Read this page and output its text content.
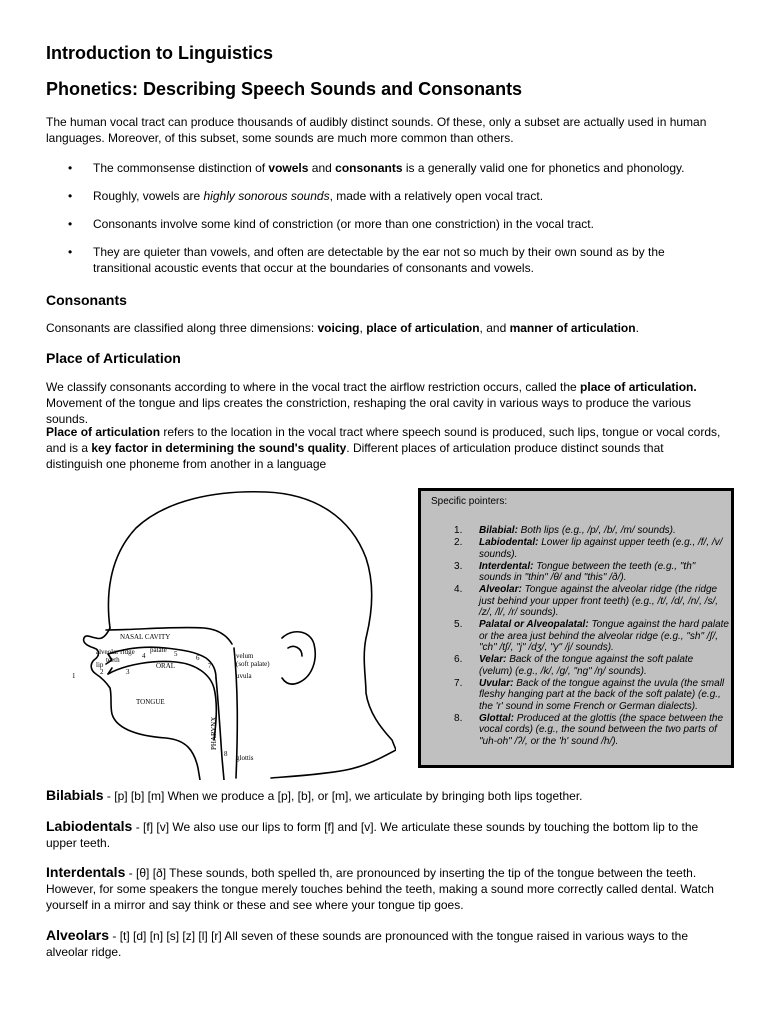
Introduction to Linguistics
Phonetics: Describing Speech Sounds and Consonants

The human vocal tract can produce thousands of audibly distinct sounds. Of these, only a subset are actually used in human languages. Moreover, of this subset, some sounds are much more common than others.

• The commonsense distinction of vowels and consonants is a generally valid one for phonetics and phonology.
• Roughly, vowels are highly sonorous sounds, made with a relatively open vocal tract.
• Consonants involve some kind of constriction (or more than one constriction) in the vocal tract.
• They are quieter than vowels, and often are detectable by the ear not so much by their own sound as by the transitional acoustic events that occur at the boundaries of consonants and vowels.
Consonants

Consonants are classified along three dimensions: voicing, place of articulation, and manner of articulation.

Place of Articulation

We classify consonants according to where in the vocal tract the airflow restriction occurs, called the place of articulation. Movement of the tongue and lips creates the constriction, reshaping the oral cavity in various ways to produce the various sounds.

Place of articulation refers to the location in the vocal tract where speech sound is produced, such lips, tongue or vocal cords, and is a key factor in determining the sound's quality. Different places of articulation produce distinct sounds that distinguish one phoneme from another in a language

NASAL CAVITY
alveolar ridge palate
teeth
lip	ORAL
velum
(soft palate)
uvula
TONGUE
PHARYNX
glottis
1	2	3
4	5	6
7
8
Specific pointers:
Bilabial: Both lips (e.g., /p/, /b/, /m/ sounds).
Labiodental: Lower lip against upper teeth (e.g., /f/, /v/ sounds).
Interdental: Tongue between the teeth (e.g., "th" sounds in "thin" /θ/ and "this" /ð/).
Alveolar: Tongue against the alveolar ridge (the ridge just behind your upper front teeth) (e.g., /t/, /d/, /n/, /s/, /z/, /l/, /r/ sounds).
Palatal or Alveopalatal: Tongue against the hard palate or the area just behind the alveolar ridge (e.g., "sh" /ʃ/, "ch" /tʃ/, "j" /dʒ/, "y" /j/ sounds).
Velar: Back of the tongue against the soft palate (velum) (e.g., /k/, /g/, "ng" /ŋ/ sounds).
Uvular: Back of the tongue against the uvula (the small fleshy hanging part at the back of the soft palate) (e.g., the 'r' sound in some French or German dialects).
Glottal: Produced at the glottis (the space between the vocal cords) (e.g., the sound between the two parts of "uh-oh" /ʔ/, or the 'h' sound /h/).

Bilabials - [p] [b] [m] When we produce a [p], [b], or [m], we articulate by bringing both lips together.

Labiodentals - [f] [v] We also use our lips to form [f] and [v]. We articulate these sounds by touching the bottom lip to the upper teeth.

Interdentals - [θ] [ð] These sounds, both spelled th, are pronounced by inserting the tip of the tongue between the teeth. However, for some speakers the tongue merely touches behind the teeth, making a sound more correctly called dental. Watch yourself in a mirror and say think or these and see where your tongue tip goes.

Alveolars - [t] [d] [n] [s] [z] [l] [r] All seven of these sounds are pronounced with the tongue raised in various ways to the alveolar ridge.
